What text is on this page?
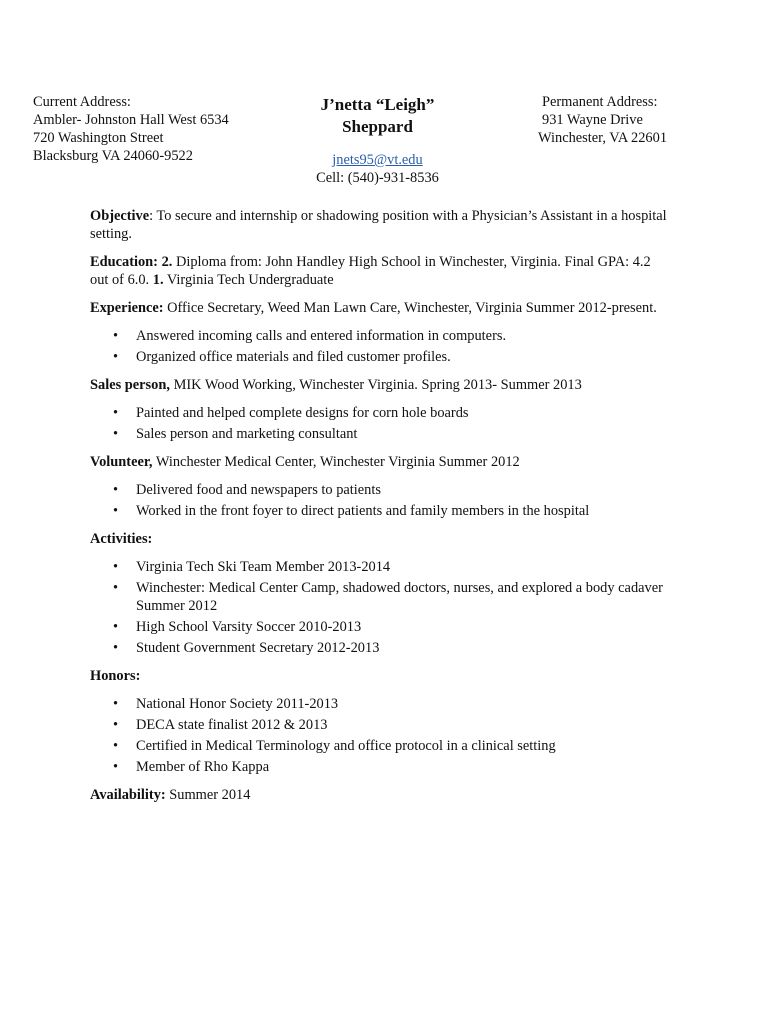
Current Address:
Ambler- Johnston Hall West 6534
720 Washington Street
Blacksburg VA 24060-9522
J’netta “Leigh”
Sheppard
jnets95@vt.edu
Cell: (540)-931-8536
Permanent Address:
931 Wayne Drive
Winchester, VA 22601

Objective: To secure and internship or shadowing position with a Physician’s Assistant in a hospital setting.

Education: 2. Diploma from: John Handley High School in Winchester, Virginia. Final GPA: 4.2 out of 6.0. 1. Virginia Tech Undergraduate

Experience: Office Secretary, Weed Man Lawn Care, Winchester, Virginia Summer 2012-present.

• Answered incoming calls and entered information in computers.
• Organized office materials and filed customer profiles.

Sales person, MIK Wood Working, Winchester Virginia. Spring 2013- Summer 2013

• Painted and helped complete designs for corn hole boards
• Sales person and marketing consultant

Volunteer, Winchester Medical Center, Winchester Virginia Summer 2012

• Delivered food and newspapers to patients
• Worked in the front foyer to direct patients and family members in the hospital

Activities:

• Virginia Tech Ski Team Member 2013-2014
• Winchester: Medical Center Camp, shadowed doctors, nurses, and explored a body cadaver Summer 2012
• High School Varsity Soccer 2010-2013
• Student Government Secretary 2012-2013

Honors:

• National Honor Society 2011-2013
• DECA state finalist 2012 & 2013
• Certified in Medical Terminology and office protocol in a clinical setting
• Member of Rho Kappa

Availability: Summer 2014
